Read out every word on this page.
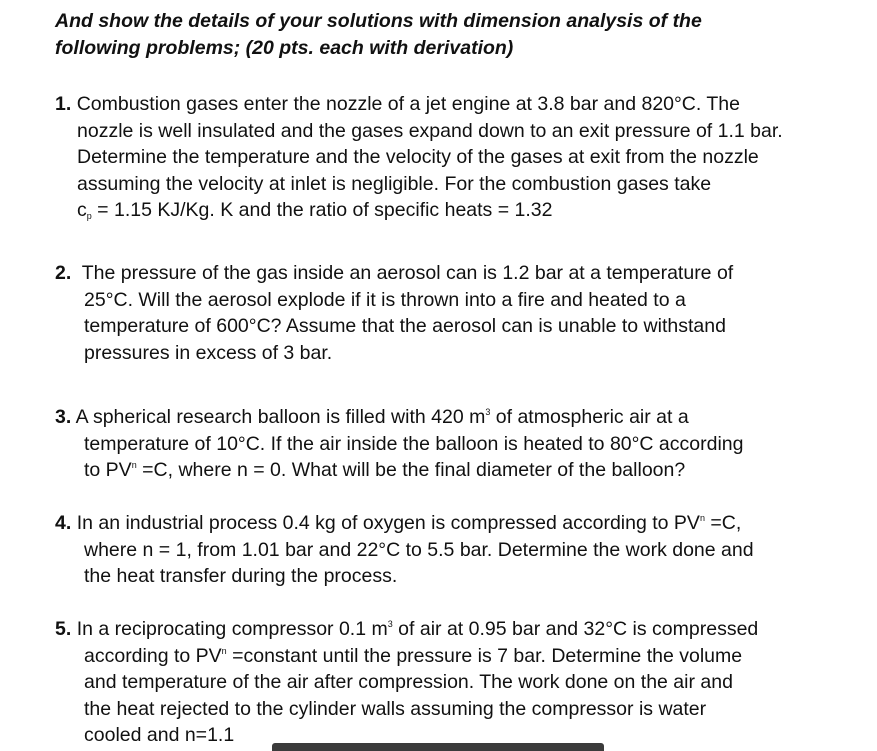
And show the details of your solutions with dimension analysis of the
following problems; (20 pts. each with derivation)
1. Combustion gases enter the nozzle of a jet engine at 3.8 bar and 820°C. The
nozzle is well insulated and the gases expand down to an exit pressure of 1.1 bar.
Determine the temperature and the velocity of the gases at exit from the nozzle
assuming the velocity at inlet is negligible. For the combustion gases take
$c_p = 1.15$ KJ/Kg. K and the ratio of specific heats = 1.32
2. The pressure of the gas inside an aerosol can is 1.2 bar at a temperature of
25°C. Will the aerosol explode if it is thrown into a fire and heated to a
temperature of 600°C? Assume that the aerosol can is unable to withstand
pressures in excess of 3 bar.
3. A spherical research balloon is filled with 420 $m^3$ of atmospheric air at a
temperature of 10°C. If the air inside the balloon is heated to 80°C according
to $PV^n =C$, where n = 0. What will be the final diameter of the balloon?
4. In an industrial process 0.4 kg of oxygen is compressed according to $PV^n =C$,
where n = 1, from 1.01 bar and 22°C to 5.5 bar. Determine the work done and
the heat transfer during the process.
5. In a reciprocating compressor 0.1 $m^3$ of air at 0.95 bar and 32°C is compressed
according to $PV^n$ =constant until the pressure is 7 bar. Determine the volume
and temperature of the air after compression. The work done on the air and
the heat rejected to the cylinder walls assuming the compressor is water
cooled and n=1.1
